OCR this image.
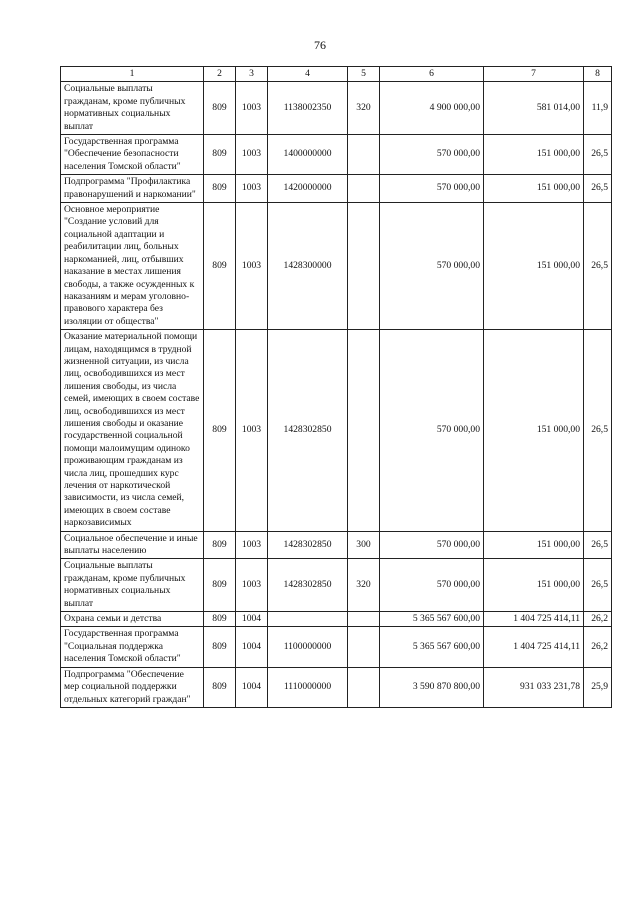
76
1	2	3	4	5	6	7	8
Социальные выплаты гражданам, кроме публичных нормативных социальных выплат	809	1003	1138002350	320	4 900 000,00	581 014,00	11,9
Государственная программа "Обеспечение безопасности населения Томской области"	809	1003	1400000000		570 000,00	151 000,00	26,5
Подпрограмма "Профилактика правонарушений и наркомании"	809	1003	1420000000		570 000,00	151 000,00	26,5
Основное мероприятие "Создание условий для социальной адаптации и реабилитации лиц, больных наркоманией, лиц, отбывших наказание в местах лишения свободы, а также осужденных к наказаниям и мерам уголовно-правового характера без изоляции от общества"	809	1003	1428300000		570 000,00	151 000,00	26,5
Оказание материальной помощи лицам, находящимся в трудной жизненной ситуации, из числа лиц, освободившихся из мест лишения свободы, из числа семей, имеющих в своем составе лиц, освободившихся из мест лишения свободы и оказание государственной социальной помощи малоимущим одиноко проживающим гражданам из числа лиц, прошедших курс лечения от наркотической зависимости, из числа семей, имеющих в своем составе наркозависимых	809	1003	1428302850		570 000,00	151 000,00	26,5
Социальное обеспечение и иные выплаты населению	809	1003	1428302850	300	570 000,00	151 000,00	26,5
Социальные выплаты гражданам, кроме публичных нормативных социальных выплат	809	1003	1428302850	320	570 000,00	151 000,00	26,5
Охрана семьи и детства	809	1004			5 365 567 600,00	1 404 725 414,11	26,2
Государственная программа "Социальная поддержка населения Томской области"	809	1004	1100000000		5 365 567 600,00	1 404 725 414,11	26,2
Подпрограмма "Обеспечение мер социальной поддержки отдельных категорий граждан"	809	1004	1110000000		3 590 870 800,00	931 033 231,78	25,9
